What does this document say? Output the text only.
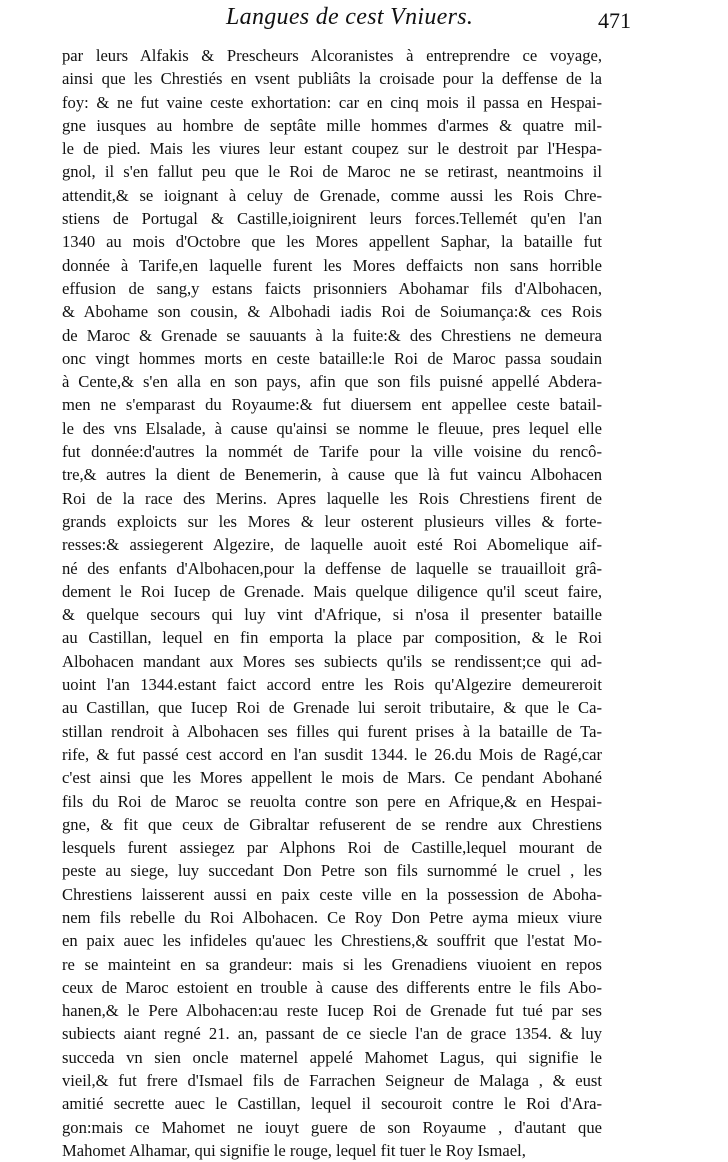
Langues de cest Vniuers.	471
par leurs Alfakis & Prescheurs Alcoranistes à entreprendre ce voyage,
ainsi que les Chrestiés en vsent publiâts la croisade pour la deffense de la
foy: & ne fut vaine ceste exhortation: car en cinq mois il passa en Hespai-
gne iusques au hombre de septâte mille hommes d'armes & quatre mil-
le de pied. Mais les viures leur estant coupez sur le destroit par l'Hespa-
gnol, il s'en fallut peu que le Roi de Maroc ne se retirast, neantmoins il
attendit,& se ioignant à celuy de Grenade, comme aussi les Rois Chre-
stiens de Portugal & Castille,ioignirent leurs forces.Tellemét qu'en l'an
1340 au mois d'Octobre que les Mores appellent Saphar, la bataille fut
donnée à Tarife,en laquelle furent les Mores deffaicts non sans horrible
effusion de sang,y estans faicts prisonniers Abohamar fils d'Albohacen,
& Abohame son cousin, & Albohadi iadis Roi de Soiumança:& ces Rois
de Maroc & Grenade se sauuants à la fuite:& des Chrestiens ne demeura
onc vingt hommes morts en ceste bataille:le Roi de Maroc passa soudain
à Cente,& s'en alla en son pays, afin que son fils puisné appellé Abdera-
men ne s'emparast du Royaume:& fut diuersem ent appellee ceste batail-
le des vns Elsalade, à cause qu'ainsi se nomme le fleuue, pres lequel elle
fut donnée:d'autres la nommét de Tarife pour la ville voisine du rencô-
tre,& autres la dient de Benemerin, à cause que là fut vaincu Albohacen
Roi de la race des Merins. Apres laquelle les Rois Chrestiens firent de
grands exploicts sur les Mores & leur osterent plusieurs villes & forte-
resses:& assiegerent Algezire, de laquelle auoit esté Roi Abomelique aif-
né des enfants d'Albohacen,pour la deffense de laquelle se trauailloit grâ-
dement le Roi Iucep de Grenade. Mais quelque diligence qu'il sceut faire,
& quelque secours qui luy vint d'Afrique, si n'osa il presenter bataille
au Castillan, lequel en fin emporta la place par composition, & le Roi
Albohacen mandant aux Mores ses subiects qu'ils se rendissent;ce qui ad-
uoint l'an 1344.estant faict accord entre les Rois qu'Algezire demeureroit
au Castillan, que Iucep Roi de Grenade lui seroit tributaire, & que le Ca-
stillan rendroit à Albohacen ses filles qui furent prises à la bataille de Ta-
rife, & fut passé cest accord en l'an susdit 1344. le 26.du Mois de Ragé,car
c'est ainsi que les Mores appellent le mois de Mars. Ce pendant Abohané
fils du Roi de Maroc se reuolta contre son pere en Afrique,& en Hespai-
gne, & fit que ceux de Gibraltar refuserent de se rendre aux Chrestiens
lesquels furent assiegez par Alphons Roi de Castille,lequel mourant de
peste au siege, luy succedant Don Petre son fils surnommé le cruel , les
Chrestiens laisserent aussi en paix ceste ville en la possession de Aboha-
nem fils rebelle du Roi Albohacen. Ce Roy Don Petre ayma mieux viure
en paix auec les infideles qu'auec les Chrestiens,& souffrit que l'estat Mo-
re se mainteint en sa grandeur: mais si les Grenadiens viuoient en repos
ceux de Maroc estoient en trouble à cause des differents entre le fils Abo-
hanen,& le Pere Albohacen:au reste Iucep Roi de Grenade fut tué par ses
subiects aiant regné 21. an, passant de ce siecle l'an de grace 1354. & luy
succeda vn sien oncle maternel appelé Mahomet Lagus, qui signifie le
vieil,& fut frere d'Ismael fils de Farrachen Seigneur de Malaga , & eust
amitié secrette auec le Castillan, lequel il secouroit contre le Roi d'Ara-
gon:mais ce Mahomet ne iouyt guere de son Royaume , d'autant que
Mahomet Alhamar, qui signifie le rouge, lequel fit tuer le Roy Ismael,
